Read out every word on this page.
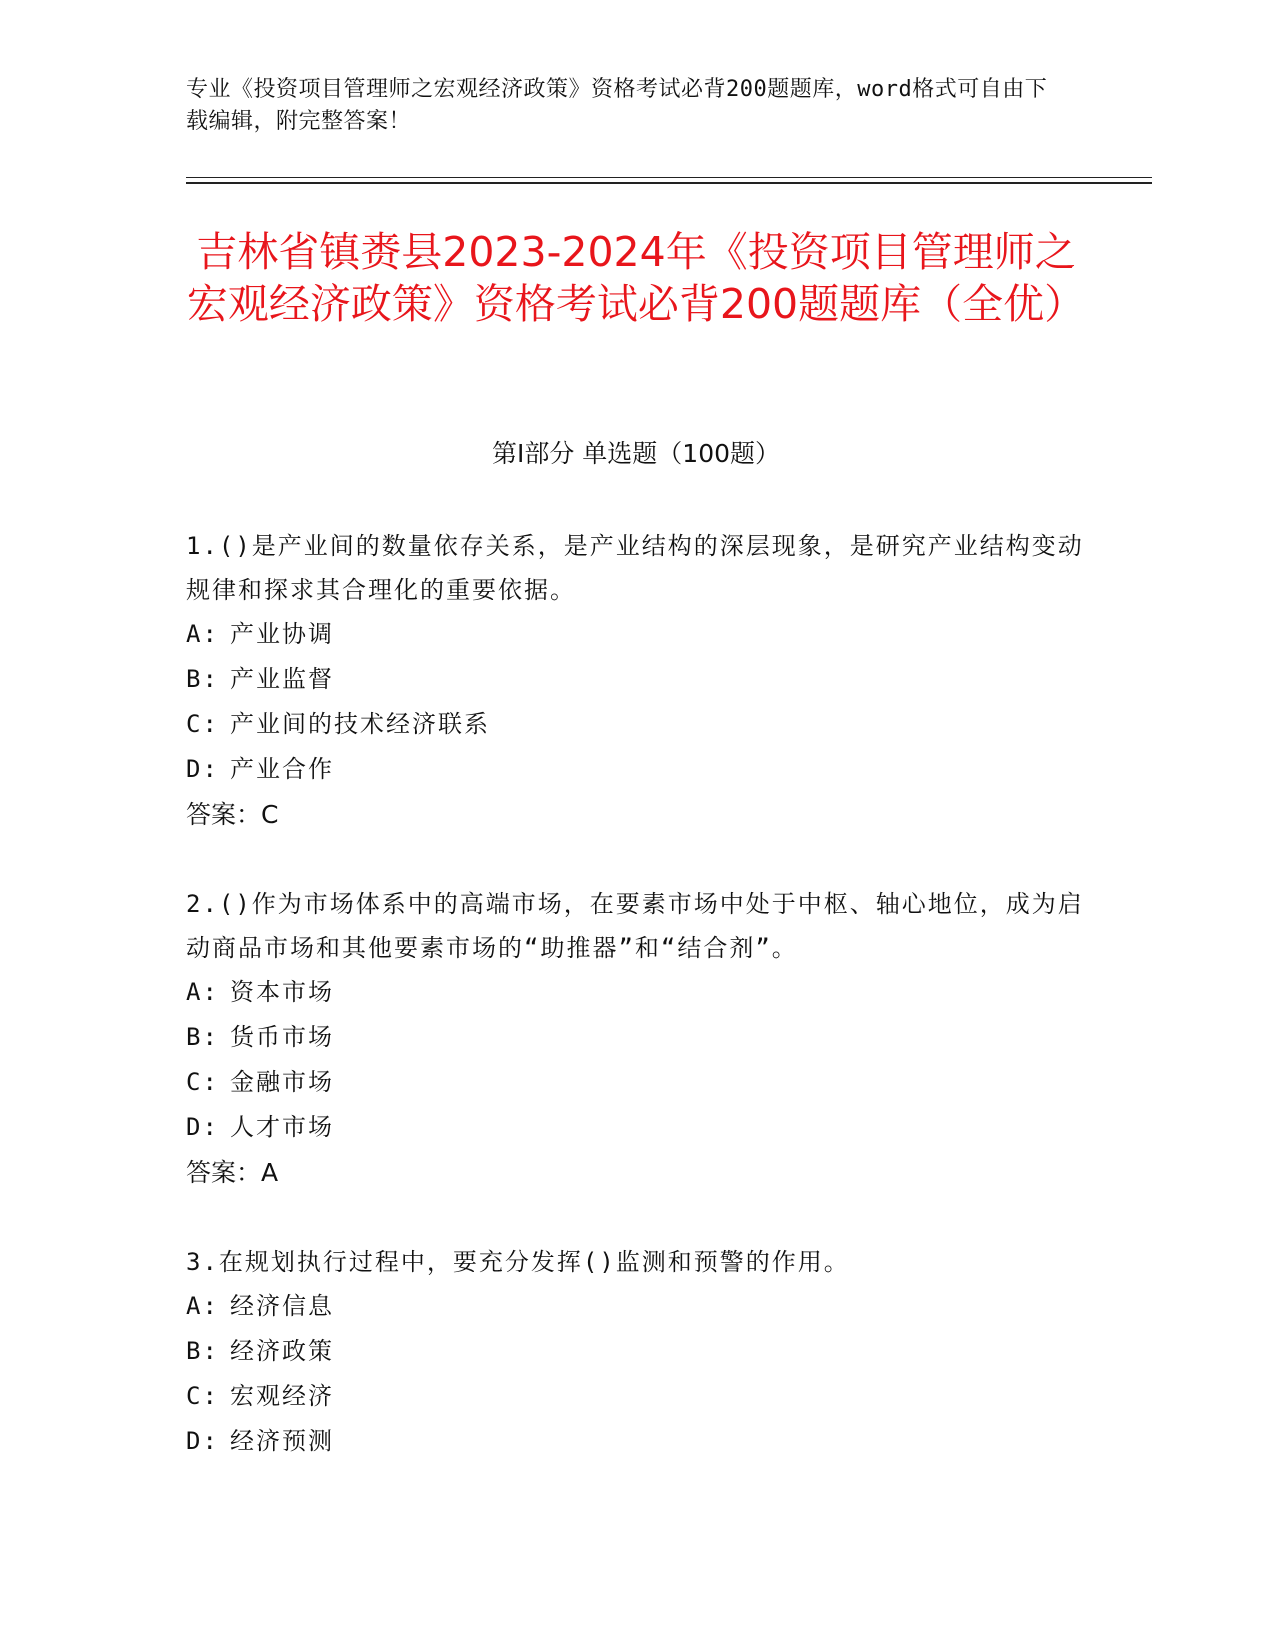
专业《投资项目管理师之宏观经济政策》资格考试必背200题题库，word格式可自由下载编辑，附完整答案！
吉林省镇赉县2023-2024年《投资项目管理师之宏观经济政策》资格考试必背200题题库（全优）
第Ⅰ部分 单选题（100题）
1.()是产业间的数量依存关系，是产业结构的深层现象，是研究产业结构变动规律和探求其合理化的重要依据。
A: 产业协调
B: 产业监督
C: 产业间的技术经济联系
D: 产业合作
答案：C
2.()作为市场体系中的高端市场，在要素市场中处于中枢、轴心地位，成为启动商品市场和其他要素市场的“助推器”和“结合剂”。
A: 资本市场
B: 货币市场
C: 金融市场
D: 人才市场
答案：A
3.在规划执行过程中，要充分发挥()监测和预警的作用。
A: 经济信息
B: 经济政策
C: 宏观经济
D: 经济预测
